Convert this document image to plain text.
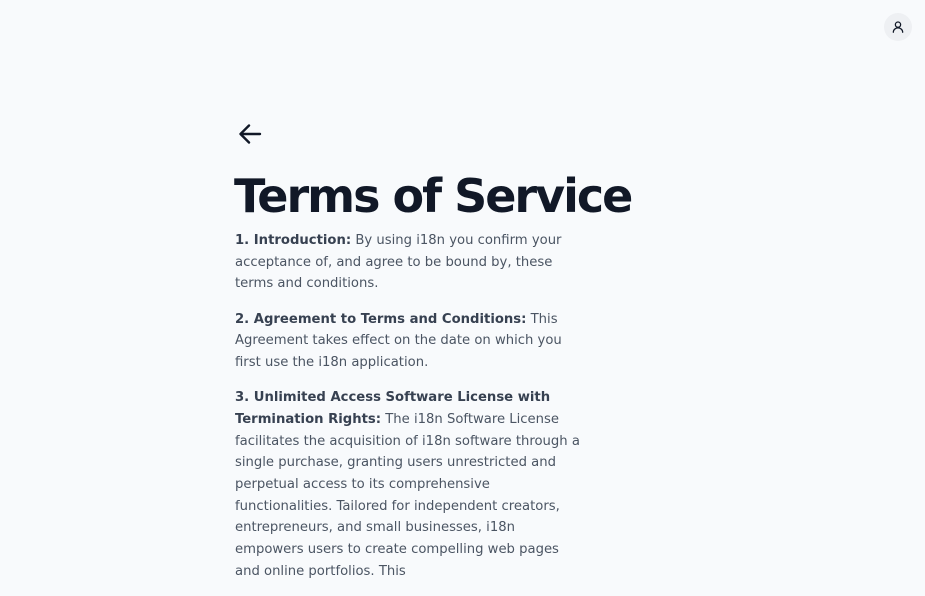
Terms of Service

1. Introduction: By using i18n you confirm your acceptance of, and agree to be bound by, these terms and conditions.

2. Agreement to Terms and Conditions: This Agreement takes effect on the date on which you first use the i18n application.

3. Unlimited Access Software License with Termination Rights: The i18n Software License facilitates the acquisition of i18n software through a single purchase, granting users unrestricted and perpetual access to its comprehensive functionalities. Tailored for independent creators, entrepreneurs, and small businesses, i18n empowers users to create compelling web pages and online portfolios. This
